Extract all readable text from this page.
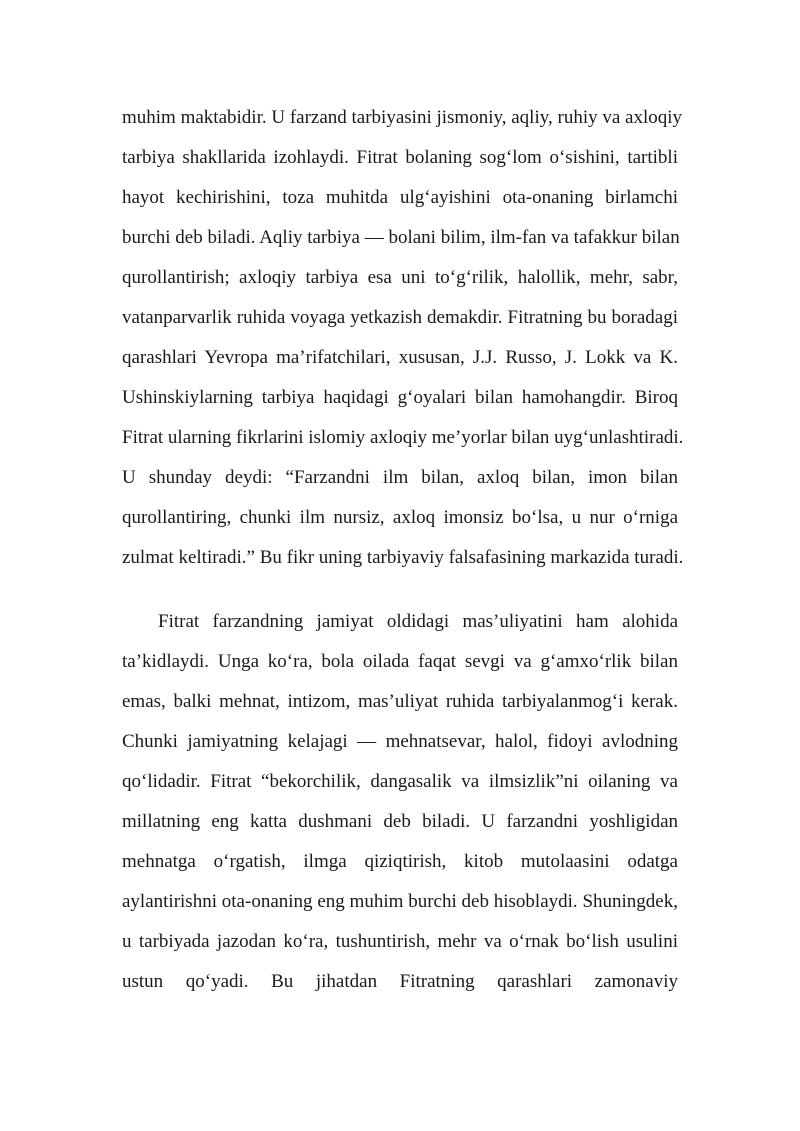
muhim maktabidir. U farzand tarbiyasini jismoniy, aqliy, ruhiy va axloqiy
tarbiya shakllarida izohlaydi. Fitrat bolaning sog‘lom o‘sishini, tartibli
hayot kechirishini, toza muhitda ulg‘ayishini ota-onaning birlamchi
burchi deb biladi. Aqliy tarbiya — bolani bilim, ilm-fan va tafakkur bilan
qurollantirish; axloqiy tarbiya esa uni to‘g‘rilik, halollik, mehr, sabr,
vatanparvarlik ruhida voyaga yetkazish demakdir. Fitratning bu boradagi
qarashlari Yevropa ma’rifatchilari, xususan, J.J. Russo, J. Lokk va K.
Ushinskiylarning tarbiya haqidagi g‘oyalari bilan hamohangdir. Biroq
Fitrat ularning fikrlarini islomiy axloqiy me’yorlar bilan uyg‘unlashtiradi.
U shunday deydi: “Farzandni ilm bilan, axloq bilan, imon bilan
qurollantiring, chunki ilm nursiz, axloq imonsiz bo‘lsa, u nur o‘rniga
zulmat keltiradi.” Bu fikr uning tarbiyaviy falsafasining markazida turadi.
Fitrat farzandning jamiyat oldidagi mas’uliyatini ham alohida
ta’kidlaydi. Unga ko‘ra, bola oilada faqat sevgi va g‘amxo‘rlik bilan
emas, balki mehnat, intizom, mas’uliyat ruhida tarbiyalanmog‘i kerak.
Chunki jamiyatning kelajagi — mehnatsevar, halol, fidoyi avlodning
qo‘lidadir. Fitrat “bekorchilik, dangasalik va ilmsizlik”ni oilaning va
millatning eng katta dushmani deb biladi. U farzandni yoshligidan
mehnatga o‘rgatish, ilmga qiziqtirish, kitob mutolaasini odatga
aylantirishni ota-onaning eng muhim burchi deb hisoblaydi. Shuningdek,
u tarbiyada jazodan ko‘ra, tushuntirish, mehr va o‘rnak bo‘lish usulini
ustun qo‘yadi. Bu jihatdan Fitratning qarashlari zamonaviy
